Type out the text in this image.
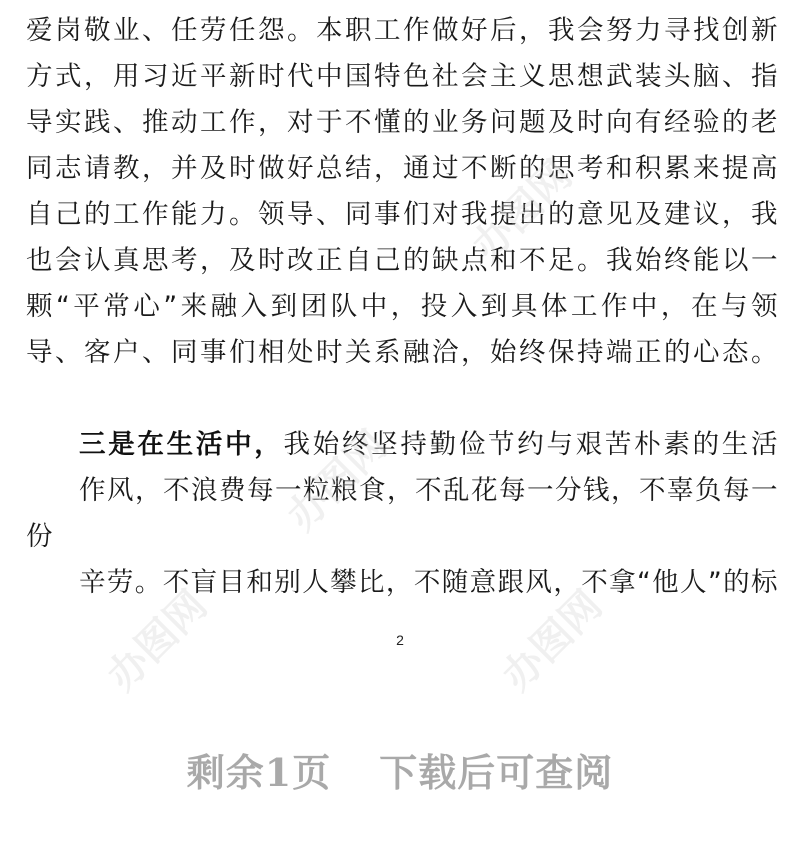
爱岗敬业、任劳任怨。本职工作做好后，我会努力寻找创新
方式，用习近平新时代中国特色社会主义思想武装头脑、指
导实践、推动工作，对于不懂的业务问题及时向有经验的老
同志请教，并及时做好总结，通过不断的思考和积累来提高
自己的工作能力。领导、同事们对我提出的意见及建议，我
也会认真思考，及时改正自己的缺点和不足。我始终能以一
颗“平常心”来融入到团队中，投入到具体工作中，在与领
导、客户、同事们相处时关系融洽，始终保持端正的心态。
三是在生活中，我始终坚持勤俭节约与艰苦朴素的生活
作风，不浪费每一粒粮食，不乱花每一分钱，不辜负每一份
辛劳。不盲目和别人攀比，不随意跟风，不拿“他人”的标
2
办图网
办图网
办图网	办图网
剩余1页 下载后可查阅
